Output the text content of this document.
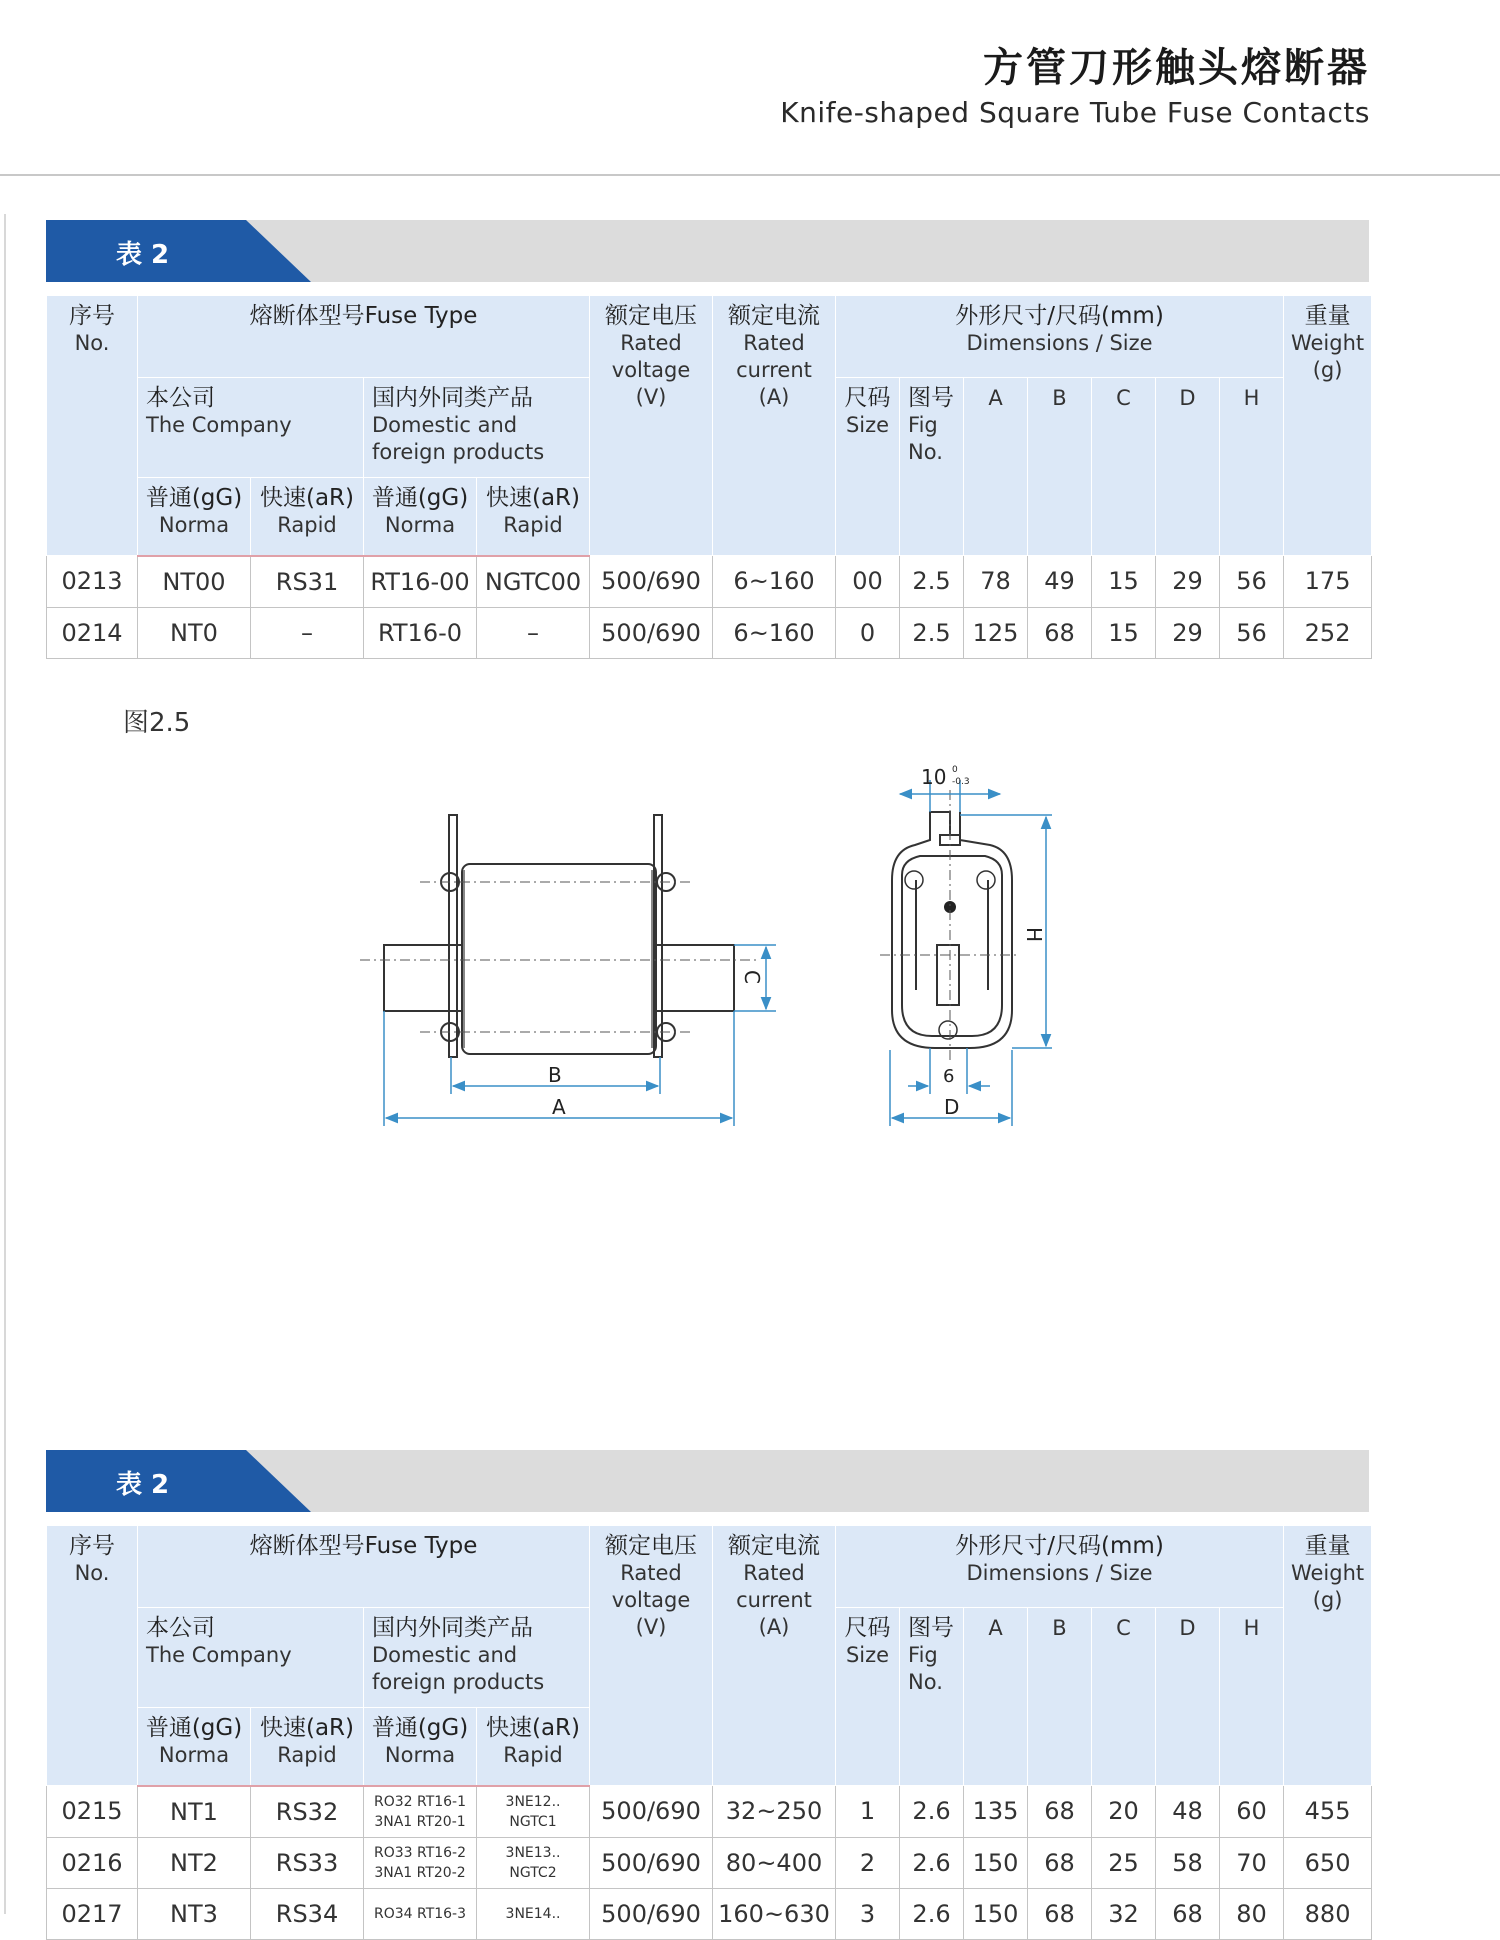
方管刀形触头熔断器
Knife-shaped Square Tube Fuse Contacts
表 2
序号
No.	熔断体型号Fuse Type				额定电压
Rated
voltage
(V)	额定电流
Rated
current
(A)	外形尺寸/尺码(mm)
Dimensions / Size							重量
Weight
(g)
	本公司
The Company		国内外同类产品
Domestic and
foreign products				尺码
Size	图号
Fig
No.	A	B	C	D	H	
	普通(gG)
Norma	快速(aR)
Rapid	普通(gG)
Norma	快速(aR)
Rapid										
0213	NT00	RS31	RT16-00	NGTC00	500/690	6~160	00	2.5	78	49	15	29	56	175
0214	NT0	–	RT16-0	–	500/690	6~160	0	2.5	125	68	15	29	56	252
图2.5
A
B
C
D
H
6
10 0
-0.3
表 2
序号
No.	熔断体型号Fuse Type				额定电压
Rated
voltage
(V)	额定电流
Rated
current
(A)	外形尺寸/尺码(mm)
Dimensions / Size							重量
Weight
(g)
	本公司
The Company		国内外同类产品
Domestic and
foreign products				尺码
Size	图号
Fig
No.	A	B	C	D	H	
	普通(gG)
Norma	快速(aR)
Rapid	普通(gG)
Norma	快速(aR)
Rapid										
0215	NT1	RS32	RO32 RT16-1
3NA1 RT20-1	3NE12..
NGTC1	500/690	32~250	1	2.6	135	68	20	48	60	455
0216	NT2	RS33	RO33 RT16-2
3NA1 RT20-2	3NE13..
NGTC2	500/690	80~400	2	2.6	150	68	25	58	70	650
0217	NT3	RS34	RO34 RT16-3	3NE14..	500/690	160~630	3	2.6	150	68	32	68	80	880
